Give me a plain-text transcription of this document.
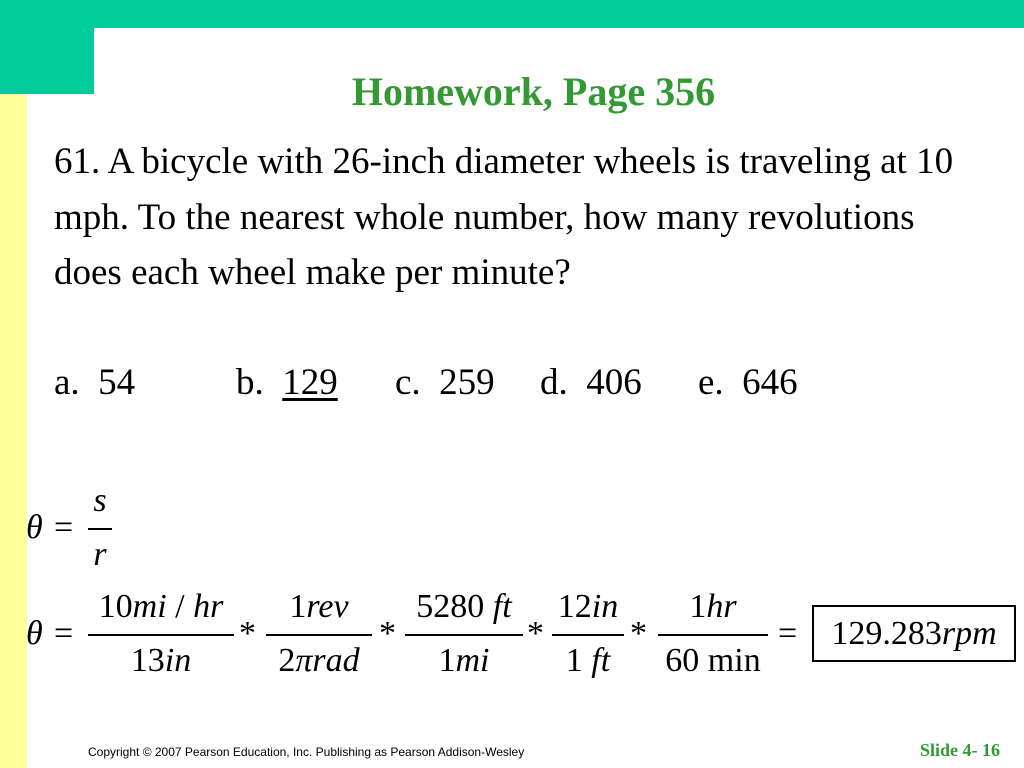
Homework, Page 356
61. A bicycle with 26-inch diameter wheels is traveling at 10 mph. To the nearest whole number, how many revolutions does each wheel make per minute?

a.  54

	b.  129

c.  259

d.  406

e.  646

θ =
s
r
θ =
10mi / hr
13in
*
1rev
2πrad
*
5280 ft
1mi
*
12in
1 ft
*
1hr
60 min
=	129.283rpm
Copyright © 2007 Pearson Education, Inc. Publishing as Pearson Addison-Wesley	Slide 4- 16
